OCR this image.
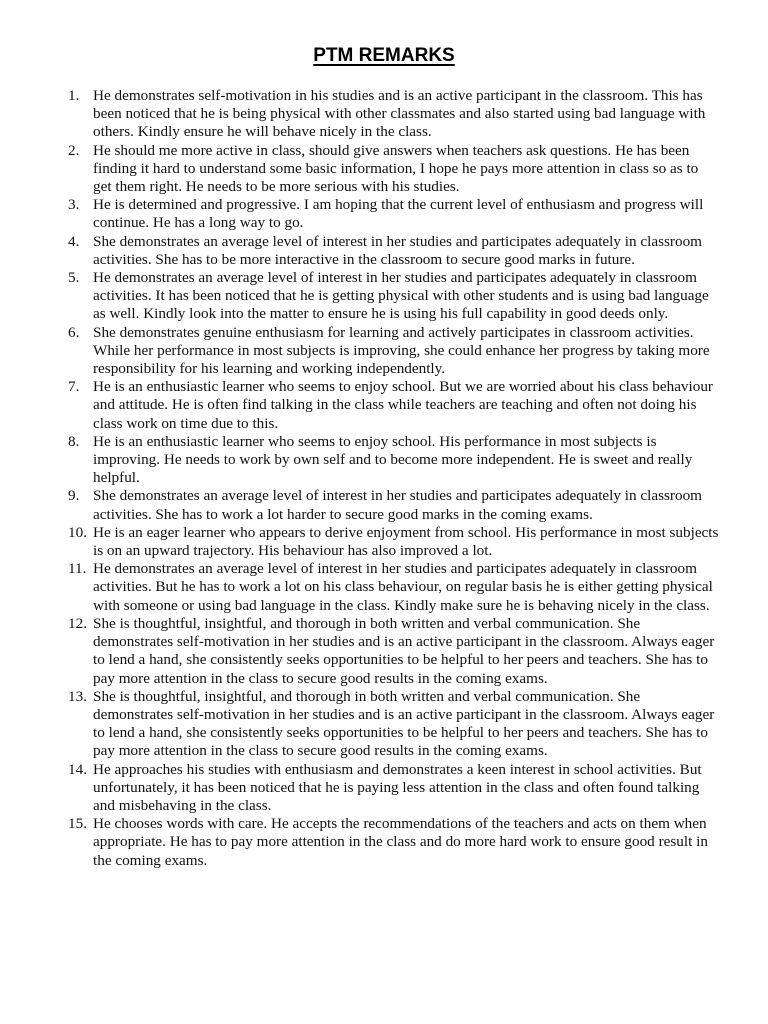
PTM REMARKS
1. He demonstrates self-motivation in his studies and is an active participant in the classroom. This has been noticed that he is being physical with other classmates and also started using bad language with others. Kindly ensure he will behave nicely in the class.
2. He should me more active in class, should give answers when teachers ask questions. He has been finding it hard to understand some basic information, I hope he pays more attention in class so as to get them right. He needs to be more serious with his studies.
3. He is determined and progressive. I am hoping that the current level of enthusiasm and progress will continue. He has a long way to go.
4. She demonstrates an average level of interest in her studies and participates adequately in classroom activities. She has to be more interactive in the classroom to secure good marks in future.
5. He demonstrates an average level of interest in her studies and participates adequately in classroom activities. It has been noticed that he is getting physical with other students and is using bad language as well. Kindly look into the matter to ensure he is using his full capability in good deeds only.
6. She demonstrates genuine enthusiasm for learning and actively participates in classroom activities. While her performance in most subjects is improving, she could enhance her progress by taking more responsibility for his learning and working independently.
7. He is an enthusiastic learner who seems to enjoy school. But we are worried about his class behaviour and attitude. He is often find talking in the class while teachers are teaching and often not doing his class work on time due to this.
8. He is an enthusiastic learner who seems to enjoy school. His performance in most subjects is improving. He needs to work by own self and to become more independent. He is sweet and really helpful.
9. She demonstrates an average level of interest in her studies and participates adequately in classroom activities. She has to work a lot harder to secure good marks in the coming exams.
10. He is an eager learner who appears to derive enjoyment from school. His performance in most subjects is on an upward trajectory. His behaviour has also improved a lot.
11. He demonstrates an average level of interest in her studies and participates adequately in classroom activities. But he has to work a lot on his class behaviour, on regular basis he is either getting physical with someone or using bad language in the class. Kindly make sure he is behaving nicely in the class.
12. She is thoughtful, insightful, and thorough in both written and verbal communication. She demonstrates self-motivation in her studies and is an active participant in the classroom. Always eager to lend a hand, she consistently seeks opportunities to be helpful to her peers and teachers. She has to pay more attention in the class to secure good results in the coming exams.
13. She is thoughtful, insightful, and thorough in both written and verbal communication. She demonstrates self-motivation in her studies and is an active participant in the classroom. Always eager to lend a hand, she consistently seeks opportunities to be helpful to her peers and teachers. She has to pay more attention in the class to secure good results in the coming exams.
14. He approaches his studies with enthusiasm and demonstrates a keen interest in school activities. But unfortunately, it has been noticed that he is paying less attention in the class and often found talking and misbehaving in the class.
15. He chooses words with care. He accepts the recommendations of the teachers and acts on them when appropriate. He has to pay more attention in the class and do more hard work to ensure good result in the coming exams.
